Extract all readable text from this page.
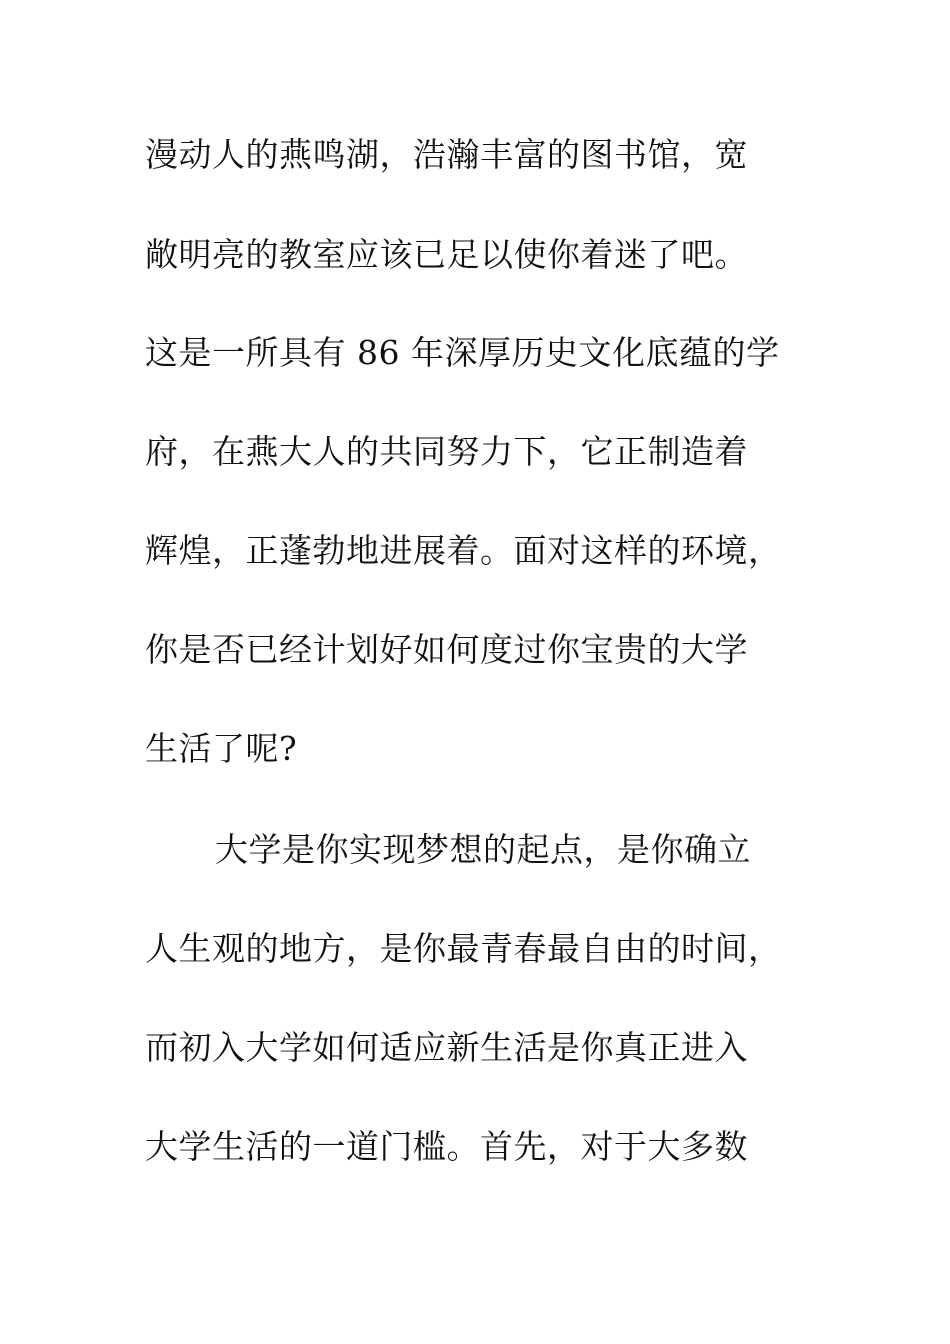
漫动人的燕鸣湖，浩瀚丰富的图书馆，宽
敞明亮的教室应该已足以使你着迷了吧。
这是一所具有 86 年深厚历史文化底蕴的学
府，在燕大人的共同努力下，它正制造着
辉煌，正蓬勃地进展着。面对这样的环境，
你是否已经计划好如何度过你宝贵的大学
生活了呢?
大学是你实现梦想的起点，是你确立
人生观的地方，是你最青春最自由的时间，
而初入大学如何适应新生活是你真正进入
大学生活的一道门槛。首先，对于大多数
